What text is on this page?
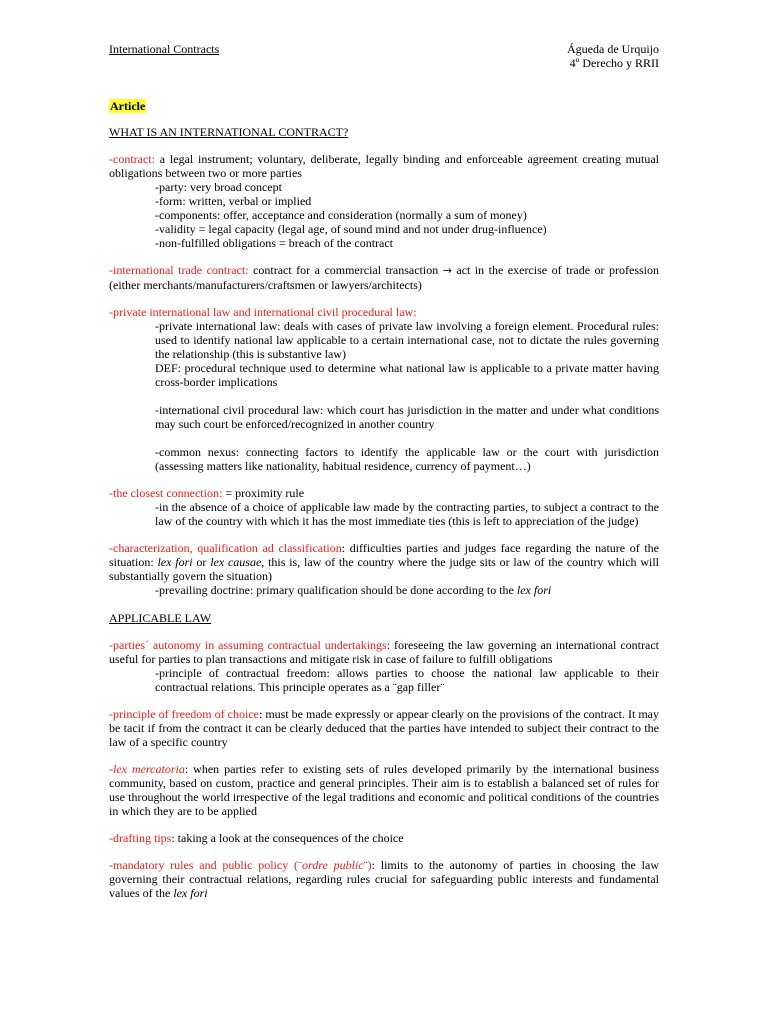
International Contracts	Águeda de Urquijo
4º Derecho y RRII
Article
WHAT IS AN INTERNATIONAL CONTRACT?
-contract: a legal instrument; voluntary, deliberate, legally binding and enforceable agreement creating mutual obligations between two or more parties
-party: very broad concept
-form: written, verbal or implied
-components: offer, acceptance and consideration (normally a sum of money)
-validity = legal capacity (legal age, of sound mind and not under drug-influence)
-non-fulfilled obligations = breach of the contract
-international trade contract: contract for a commercial transaction → act in the exercise of trade or profession (either merchants/manufacturers/craftsmen or lawyers/architects)
-private international law and international civil procedural law:
-private international law: deals with cases of private law involving a foreign element. Procedural rules: used to identify national law applicable to a certain international case, not to dictate the rules governing the relationship (this is substantive law)
DEF: procedural technique used to determine what national law is applicable to a private matter having cross-border implications
-international civil procedural law: which court has jurisdiction in the matter and under what conditions may such court be enforced/recognized in another country
-common nexus: connecting factors to identify the applicable law or the court with jurisdiction (assessing matters like nationality, habitual residence, currency of payment…)
-the closest connection: = proximity rule
-in the absence of a choice of applicable law made by the contracting parties, to subject a contract to the law of the country with which it has the most immediate ties (this is left to appreciation of the judge)
-characterization, qualification ad classification: difficulties parties and judges face regarding the nature of the situation: lex fori or lex causae, this is, law of the country where the judge sits or law of the country which will substantially govern the situation)
-prevailing doctrine: primary qualification should be done according to the lex fori
APPLICABLE LAW
-parties´ autonomy in assuming contractual undertakings: foreseeing the law governing an international contract useful for parties to plan transactions and mitigate risk in case of failure to fulfill obligations
-principle of contractual freedom: allows parties to choose the national law applicable to their contractual relations. This principle operates as a ¨gap filler¨
-principle of freedom of choice: must be made expressly or appear clearly on the provisions of the contract. It may be tacit if from the contract it can be clearly deduced that the parties have intended to subject their contract to the law of a specific country
-lex mercatoria: when parties refer to existing sets of rules developed primarily by the international business community, based on custom, practice and general principles. Their aim is to establish a balanced set of rules for use throughout the world irrespective of the legal traditions and economic and political conditions of the countries in which they are to be applied
-drafting tips: taking a look at the consequences of the choice
-mandatory rules and public policy (¨ordre public¨): limits to the autonomy of parties in choosing the law governing their contractual relations, regarding rules crucial for safeguarding public interests and fundamental values of the lex fori
